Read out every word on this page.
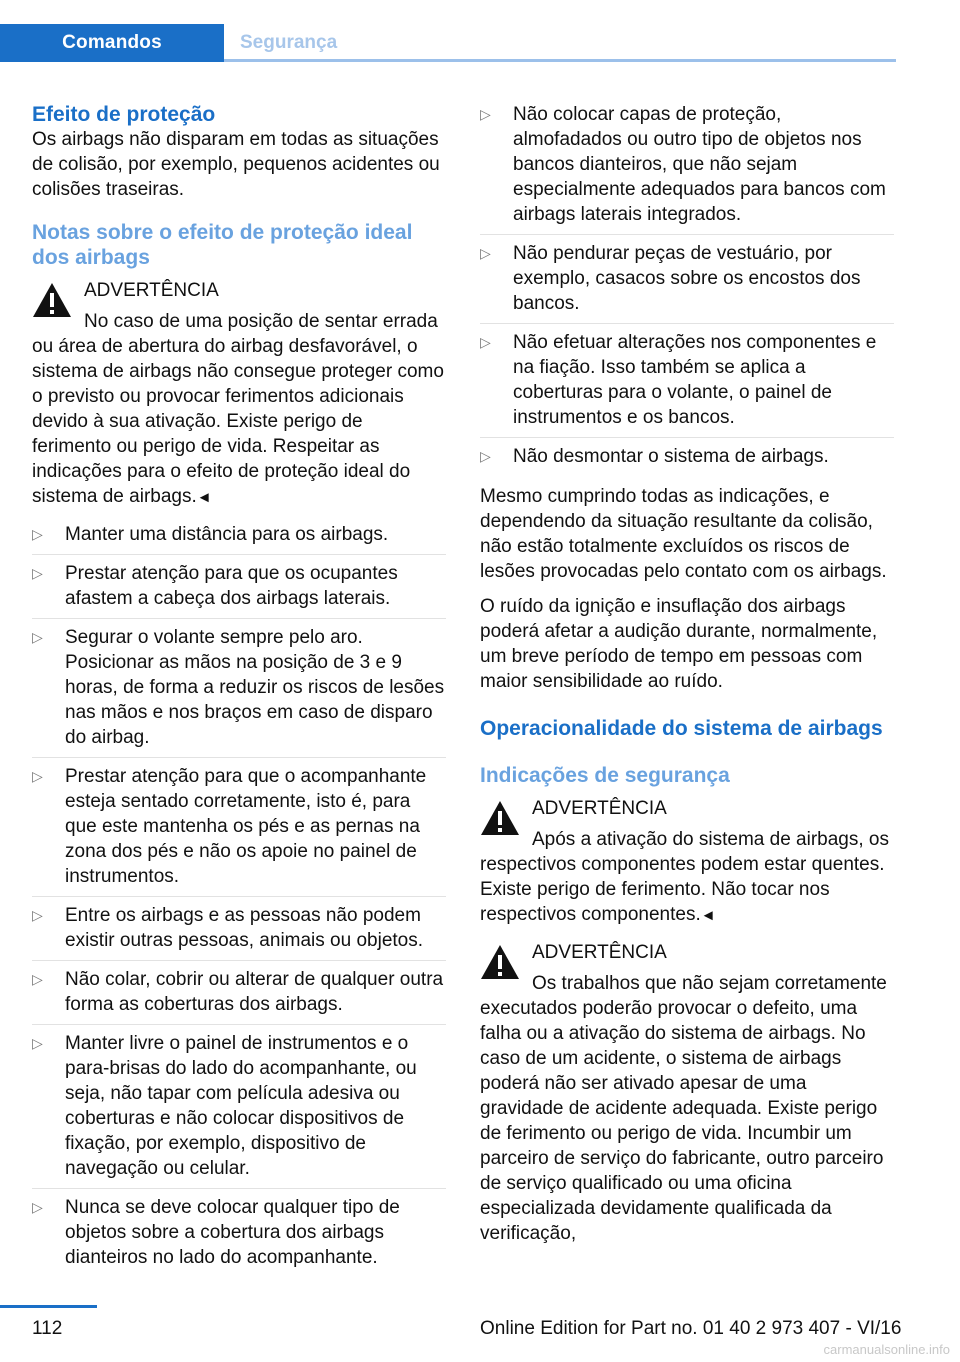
Comandos	Segurança
Efeito de proteção

Os airbags não disparam em todas as situações de colisão, por exemplo, pequenos acidentes ou colisões traseiras.

Notas sobre o efeito de proteção ideal dos airbags
ADVERTÊNCIA
No caso de uma posição de sentar errada ou área de abertura do airbag desfavorável, o sistema de airbags não consegue proteger como o previsto ou provocar ferimentos adicionais devido à sua ativação. Existe perigo de ferimento ou perigo de vida. Respeitar as indicações para o efeito de proteção ideal do sistema de airbags.◄
▷ Manter uma distância para os airbags.
▷ Prestar atenção para que os ocupantes afastem a cabeça dos airbags laterais.
▷ Segurar o volante sempre pelo aro. Posicionar as mãos na posição de 3 e 9 horas, de forma a reduzir os riscos de lesões nas mãos e nos braços em caso de disparo do airbag.
▷ Prestar atenção para que o acompanhante esteja sentado corretamente, isto é, para que este mantenha os pés e as pernas na zona dos pés e não os apoie no painel de instrumentos.
▷ Entre os airbags e as pessoas não podem existir outras pessoas, animais ou objetos.
▷ Não colar, cobrir ou alterar de qualquer outra forma as coberturas dos airbags.
▷ Manter livre o painel de instrumentos e o para-brisas do lado do acompanhante, ou seja, não tapar com película adesiva ou coberturas e não colocar dispositivos de fixação, por exemplo, dispositivo de navegação ou celular.
▷ Nunca se deve colocar qualquer tipo de objetos sobre a cobertura dos airbags dianteiros no lado do acompanhante.
▷ Não colocar capas de proteção, almofadados ou outro tipo de objetos nos bancos dianteiros, que não sejam especialmente adequados para bancos com airbags laterais integrados.
▷ Não pendurar peças de vestuário, por exemplo, casacos sobre os encostos dos bancos.
▷ Não efetuar alterações nos componentes e na fiação. Isso também se aplica a coberturas para o volante, o painel de instrumentos e os bancos.
▷ Não desmontar o sistema de airbags.

Mesmo cumprindo todas as indicações, e dependendo da situação resultante da colisão, não estão totalmente excluídos os riscos de lesões provocadas pelo contato com os airbags.

O ruído da ignição e insuflação dos airbags poderá afetar a audição durante, normalmente, um breve período de tempo em pessoas com maior sensibilidade ao ruído.

Operacionalidade do sistema de airbags
Indicações de segurança
ADVERTÊNCIA
Após a ativação do sistema de airbags, os respectivos componentes podem estar quentes. Existe perigo de ferimento. Não tocar nos respectivos componentes.◄
ADVERTÊNCIA
Os trabalhos que não sejam corretamente executados poderão provocar o defeito, uma falha ou a ativação do sistema de airbags. No caso de um acidente, o sistema de airbags poderá não ser ativado apesar de uma gravidade de acidente adequada. Existe perigo de ferimento ou perigo de vida. Incumbir um parceiro de serviço do fabricante, outro parceiro de serviço qualificado ou uma oficina especializada devidamente qualificada da verificação,
112	Online Edition for Part no. 01 40 2 973 407 - VI/16
carmanualsonline.info
